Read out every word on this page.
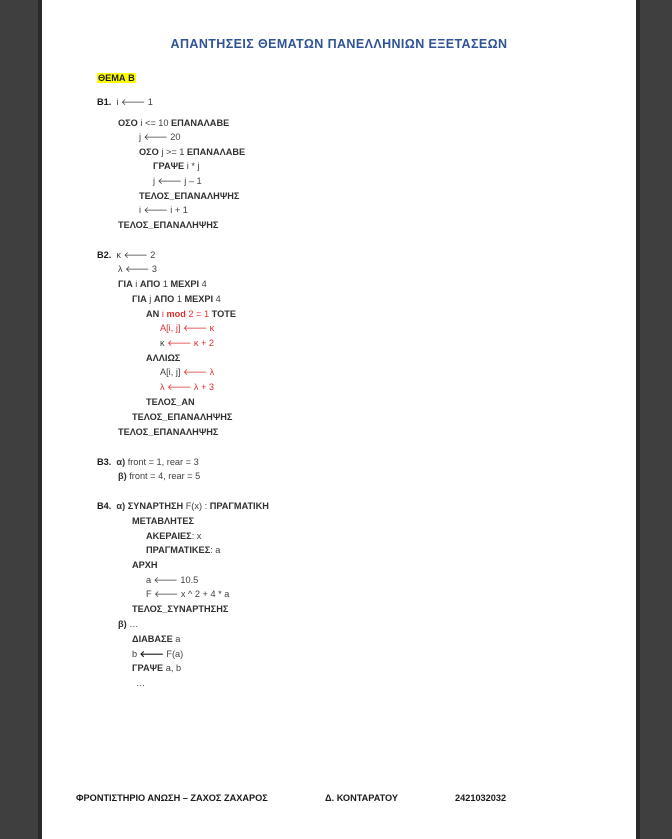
ΑΠΑΝΤΗΣΕΙΣ ΘΕΜΑΤΩΝ ΠΑΝΕΛΛΗΝΙΩΝ ΕΞΕΤΑΣΕΩΝ
ΘΕΜΑ Β
Β1. i 🡐 1
ΟΣΟ i <= 10 ΕΠΑΝΑΛΑΒΕ
j 🡐 20
ΟΣΟ j >= 1 ΕΠΑΝΑΛΑΒΕ
ΓΡΑΨΕ i * j
j 🡐 j – 1
ΤΕΛΟΣ_ΕΠΑΝΑΛΗΨΗΣ
i 🡐 i + 1
ΤΕΛΟΣ_ΕΠΑΝΑΛΗΨΗΣ
Β2. κ 🡐 2
λ 🡐 3
ΓΙΑ i ΑΠΟ 1 ΜΕΧΡΙ 4
ΓΙΑ j ΑΠΟ 1 ΜΕΧΡΙ 4
ΑΝ i mod 2 = 1 ΤΟΤΕ
A[i, j] 🡐 κ
κ 🡐 κ + 2
ΑΛΛΙΩΣ
A[i, j] 🡐 λ
λ 🡐 λ + 3
ΤΕΛΟΣ_ΑΝ
ΤΕΛΟΣ_ΕΠΑΝΑΛΗΨΗΣ
ΤΕΛΟΣ_ΕΠΑΝΑΛΗΨΗΣ
Β3. α) front = 1, rear = 3
β) front = 4, rear = 5
Β4. α) ΣΥΝΑΡΤΗΣΗ F(x) : ΠΡΑΓΜΑΤΙΚΗ
ΜΕΤΑΒΛΗΤΕΣ
ΑΚΕΡΑΙΕΣ: x
ΠΡΑΓΜΑΤΙΚΕΣ: a
ΑΡΧΗ
a 🡐 10.5
F 🡐 x ^ 2 + 4 * a
ΤΕΛΟΣ_ΣΥΝΑΡΤΗΣΗΣ
β) …
ΔΙΑΒΑΣΕ a
b 🡐 F(a)
ΓΡΑΨΕ a, b
…
ΦΡΟΝΤΙΣΤΗΡΙΟ ΑΝΩΣΗ – ΖΑΧΟΣ ΖΑΧΑΡΟΣ	Δ. ΚΟΝΤΑΡΑΤΟΥ	2421032032
